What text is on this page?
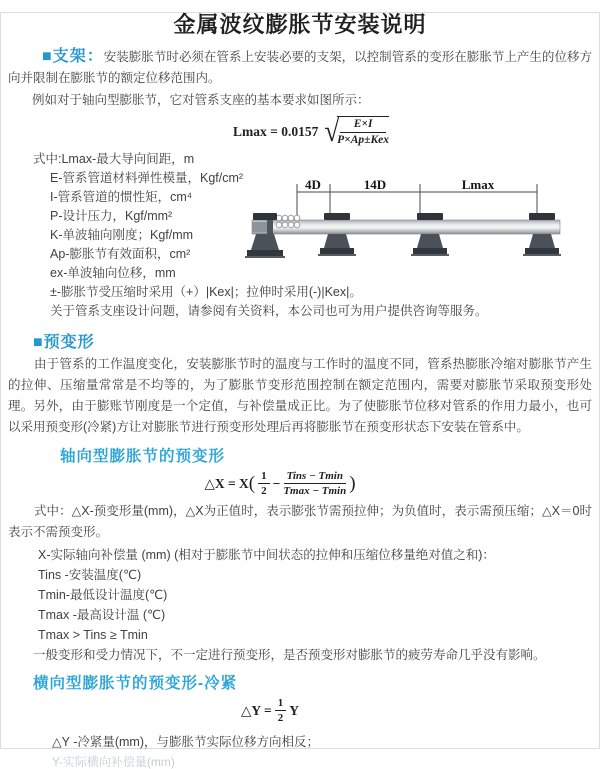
金属波纹膨胀节安装说明

■支架：安装膨胀节时必须在管系上安装必要的支架，以控制管系的变形在膨胀节上产生的位移方向并限制在膨胀节的额定位移范围内。

例如对于轴向型膨胀节，它对管系支座的基本要求如图所示：

Lmax = 0.0157 √	E×I
P×Ap±Kex
式中:Lmax-最大导向间距，m
E-管系管道材料弹性模量，Kgf/cm²
I-管系管道的惯性矩，cm⁴
P-设计压力，Kgf/mm²
K-单波轴向刚度；Kgf/mm
Ap-膨胀节有效面积，cm²
ex-单波轴向位移，mm
±-膨胀节受压缩时采用（+）|Kex|；拉伸时采用(-)|Kex|。
关于管系支座设计问题，请参阅有关资料，本公司也可为用户提供咨询等服务。
4D	14D	Lmax
■预变形

由于管系的工作温度变化，安装膨胀节时的温度与工作时的温度不同，管系热膨胀冷缩对膨胀节产生的拉伸、压缩量常常是不均等的，为了膨胀节变形范围控制在额定范围内，需要对膨胀节采取预变形处理。另外，由于膨账节刚度是一个定值，与补偿量成正比。为了使膨胀节位移对管系的作用力最小，也可以采用预变形(冷紧)方让对膨胀节进行预变形处理后再将膨胀节在预变形状态下安装在管系中。

轴向型膨胀节的预变形
△X = X ( $\frac{1}{2} - \frac{\text{Tins − Tmin}}{Tmax - Tmin}$ )

式中：△X-预变形量(mm)，△X为正值时，表示膨张节需预拉伸；为负值时，表示需预压缩；△X＝0时表示不需预变形。

X-实际轴向补偿量 (mm) (相对于膨胀节中间状态的拉伸和压缩位移量绝对值之和)：
Tins -安装温度(℃)
Tmin-最低设计温度(℃)
Tmax -最高设计温 (℃)
Tmax > Tins ≥ Tmin
一般变形和受力情况下，不一定进行预变形，是否预变形对膨胀节的疲劳寿命几乎没有影响。
横向型膨胀节的预变形-冷紧
△Y = $\frac{1}{2}$ Y
△Y -冷紧量(mm)，与膨胀节实际位移方向相反；
Y-实际横向补偿量(mm)
